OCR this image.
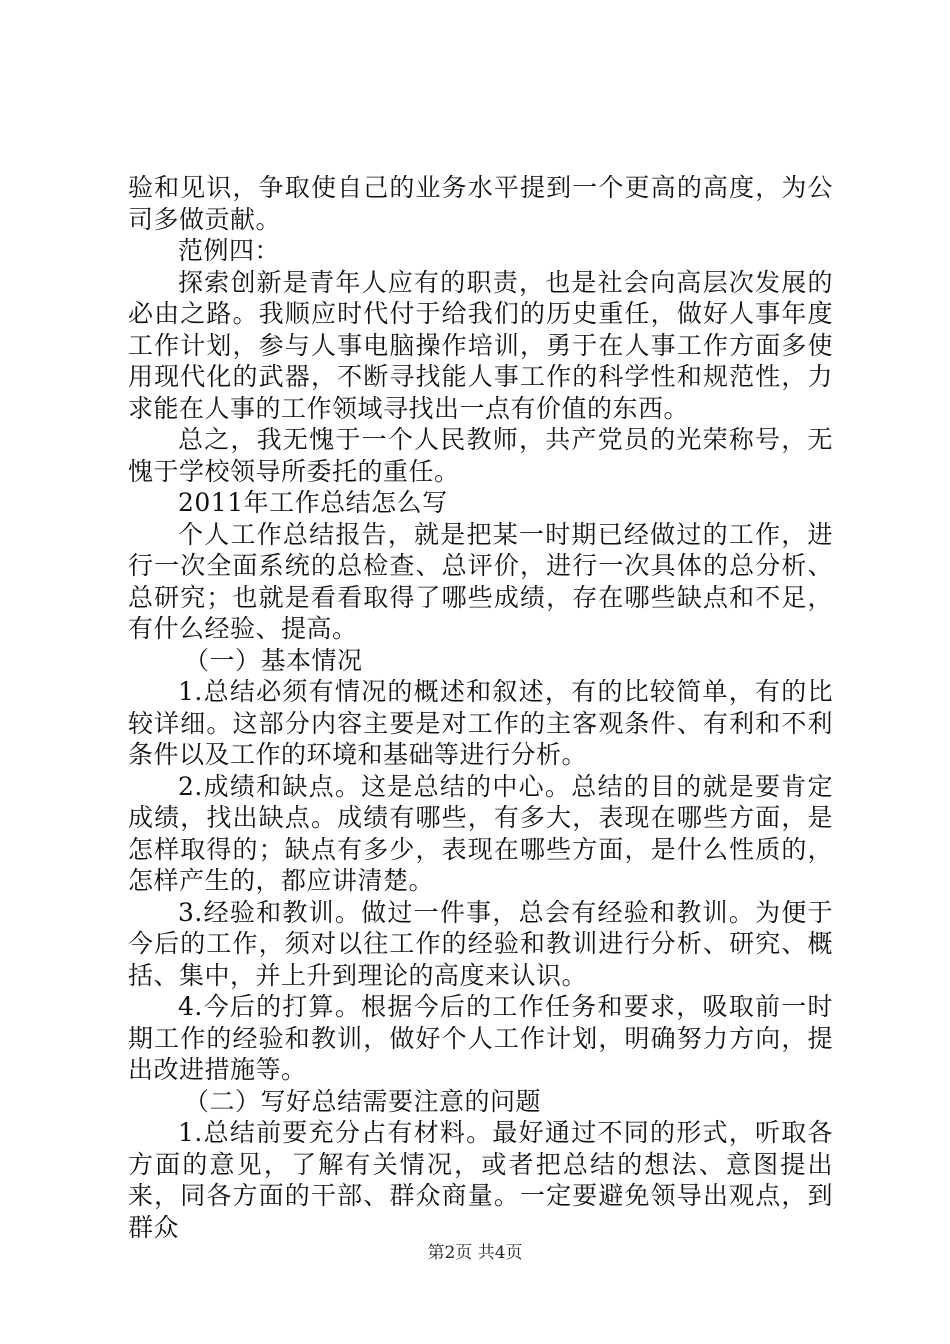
验和见识，争取使自己的业务水平提到一个更高的高度，为公司多做贡献。

范例四：

探索创新是青年人应有的职责，也是社会向高层次发展的必由之路。我顺应时代付于给我们的历史重任，做好人事年度工作计划，参与人事电脑操作培训，勇于在人事工作方面多使用现代化的武器，不断寻找能人事工作的科学性和规范性，力求能在人事的工作领域寻找出一点有价值的东西。

总之，我无愧于一个人民教师，共产党员的光荣称号，无愧于学校领导所委托的重任。

2011年工作总结怎么写

个人工作总结报告，就是把某一时期已经做过的工作，进行一次全面系统的总检查、总评价，进行一次具体的总分析、总研究；也就是看看取得了哪些成绩，存在哪些缺点和不足，有什么经验、提高。

（一）基本情况

1.总结必须有情况的概述和叙述，有的比较简单，有的比较详细。这部分内容主要是对工作的主客观条件、有利和不利条件以及工作的环境和基础等进行分析。

2.成绩和缺点。这是总结的中心。总结的目的就是要肯定成绩，找出缺点。成绩有哪些，有多大，表现在哪些方面，是怎样取得的；缺点有多少，表现在哪些方面，是什么性质的，怎样产生的，都应讲清楚。

3.经验和教训。做过一件事，总会有经验和教训。为便于今后的工作，须对以往工作的经验和教训进行分析、研究、概括、集中，并上升到理论的高度来认识。

4.今后的打算。根据今后的工作任务和要求，吸取前一时期工作的经验和教训，做好个人工作计划，明确努力方向，提出改进措施等。

（二）写好总结需要注意的问题

1.总结前要充分占有材料。最好通过不同的形式，听取各方面的意见，了解有关情况，或者把总结的想法、意图提出来，同各方面的干部、群众商量。一定要避免领导出观点，到群众

第2页 共4页
